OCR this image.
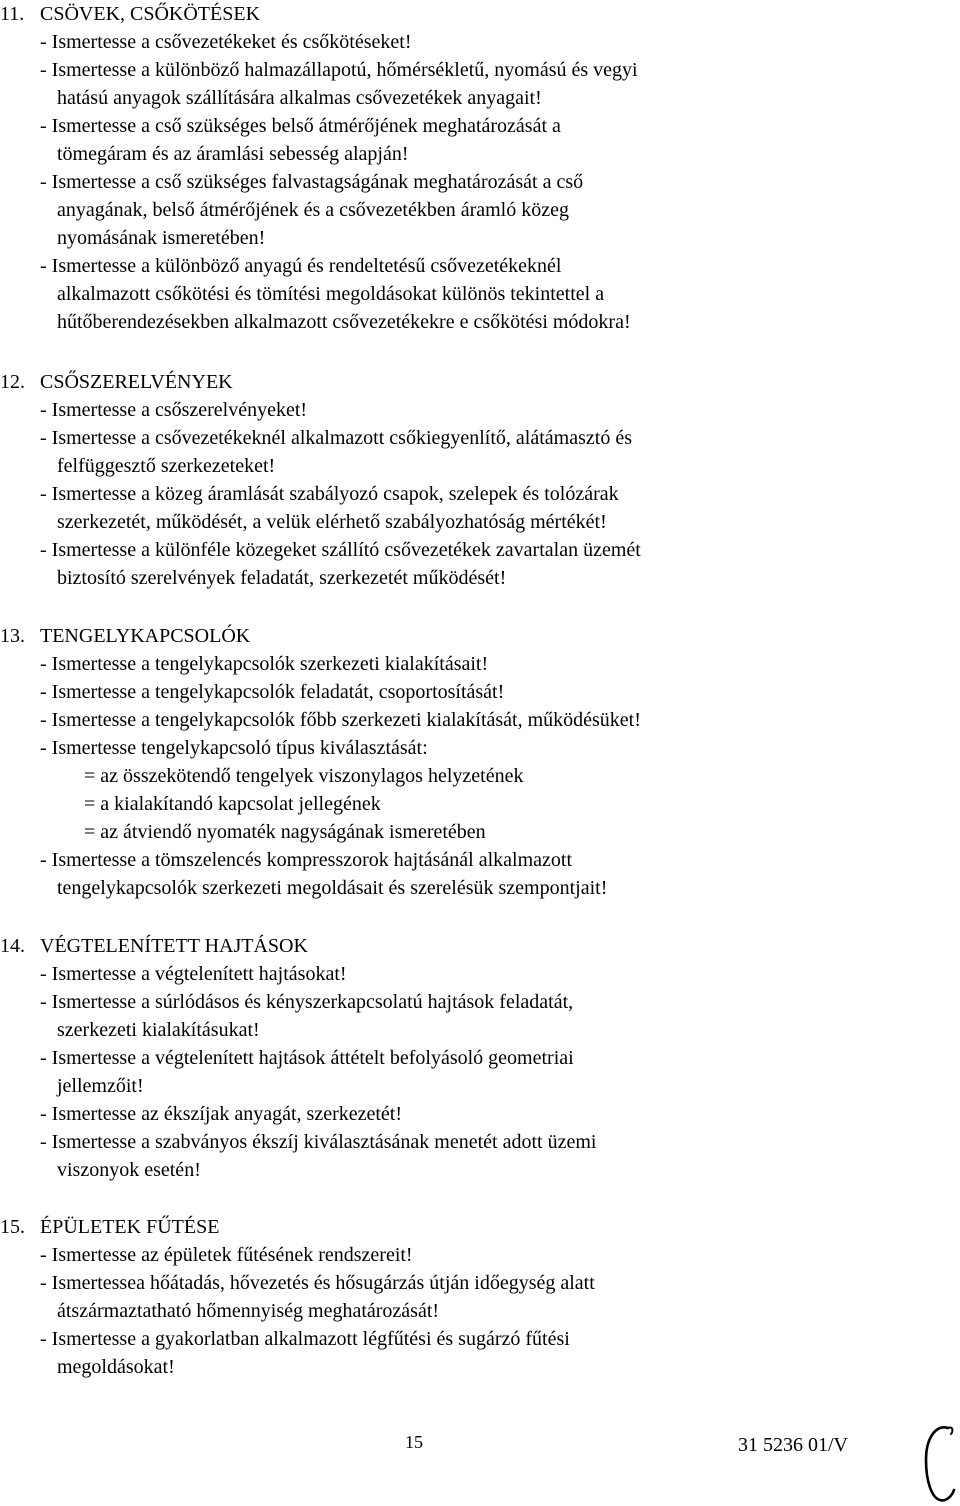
11. CSÖVEK, CSŐKÖTÉSEK
- Ismertesse a csővezetékeket és csőkötéseket!
- Ismertesse a különböző halmazállapotú, hőmérsékletű, nyomású és vegyi
hatású anyagok szállítására alkalmas csővezetékek anyagait!
- Ismertesse a cső szükséges belső átmérőjének meghatározását a
tömegáram és az áramlási sebesség alapján!
- Ismertesse a cső szükséges falvastagságának meghatározását a cső
anyagának, belső átmérőjének és a csővezetékben áramló közeg
nyomásának ismeretében!
- Ismertesse a különböző anyagú és rendeltetésű csővezetékeknél
alkalmazott csőkötési és tömítési megoldásokat különös tekintettel a
hűtőberendezésekben alkalmazott csővezetékekre e csőkötési módokra!
12. CSŐSZERELVÉNYEK
- Ismertesse a csőszerelvényeket!
- Ismertesse a csővezetékeknél alkalmazott csőkiegyenlítő, alátámasztó és
felfüggesztő szerkezeteket!
- Ismertesse a közeg áramlását szabályozó csapok, szelepek és tolózárak
szerkezetét, működését, a velük elérhető szabályozhatóság mértékét!
- Ismertesse a különféle közegeket szállító csővezetékek zavartalan üzemét
biztosító szerelvények feladatát, szerkezetét működését!
13. TENGELYKAPCSOLÓK
- Ismertesse a tengelykapcsolók szerkezeti kialakításait!
- Ismertesse a tengelykapcsolók feladatát, csoportosítását!
- Ismertesse a tengelykapcsolók főbb szerkezeti kialakítását, működésüket!
- Ismertesse tengelykapcsoló típus kiválasztását:
= az összekötendő tengelyek viszonylagos helyzetének
= a kialakítandó kapcsolat jellegének
= az átviendő nyomaték nagyságának ismeretében
- Ismertesse a tömszelencés kompresszorok hajtásánál alkalmazott
tengelykapcsolók szerkezeti megoldásait és szerelésük szempontjait!
14. VÉGTELENÍTETT HAJTÁSOK
- Ismertesse a végtelenített hajtásokat!
- Ismertesse a súrlódásos és kényszerkapcsolatú hajtások feladatát,
szerkezeti kialakításukat!
- Ismertesse a végtelenített hajtások áttételt befolyásoló geometriai
jellemzőit!
- Ismertesse az ékszíjak anyagát, szerkezetét!
- Ismertesse a szabványos ékszíj kiválasztásának menetét adott üzemi
viszonyok esetén!
15. ÉPÜLETEK FŰTÉSE
- Ismertesse az épületek fűtésének rendszereit!
- Ismertessea hőátadás, hővezetés és hősugárzás útján időegység alatt
átszármaztatható hőmennyiség meghatározását!
- Ismertesse a gyakorlatban alkalmazott légfűtési és sugárzó fűtési
megoldásokat!
15	31 5236 01/V
